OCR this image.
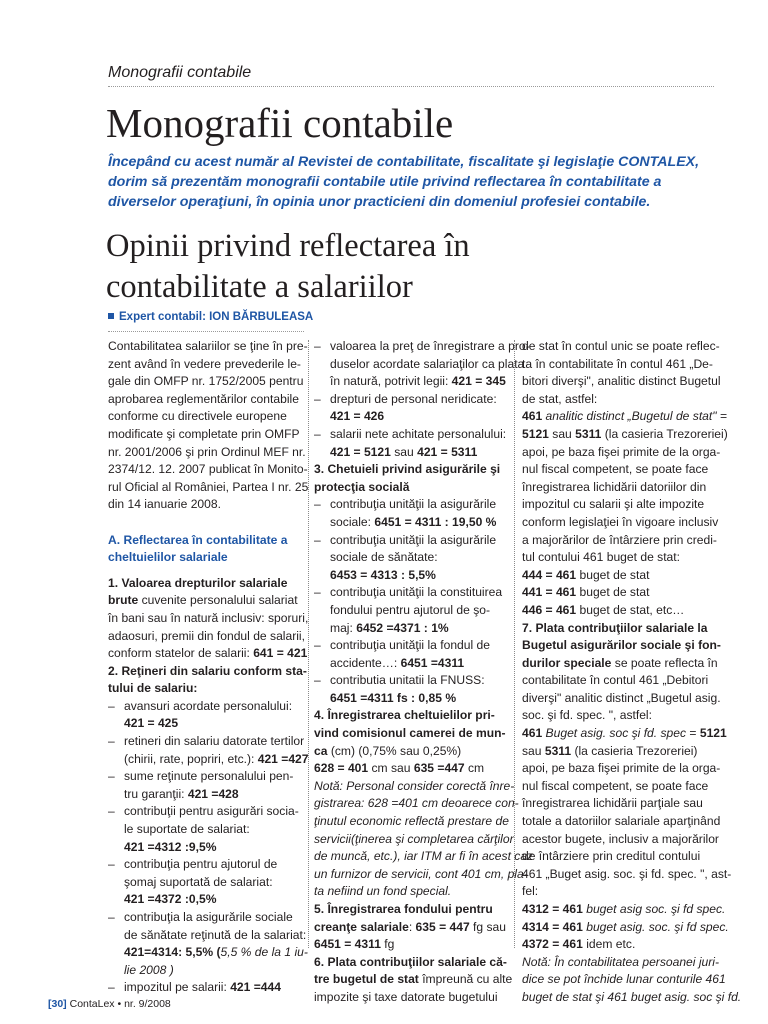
Monografii contabile
Monografii contabile

Începând cu acest număr al Revistei de contabilitate, fiscalitate şi legislaţie CONTALEX,

dorim să prezentăm monografii contabile utile privind reflectarea în contabilitate a

diverselor operaţiuni, în opinia unor practicieni din domeniul profesiei contabile.

Opinii privind reflectarea în
contabilitate a salariilor
Expert contabil: ION BĂRBULEASA
Contabilitatea salariilor se ţine în pre-
zent având în vedere prevederile le-
gale din OMFP nr. 1752/2005 pentru
aprobarea reglementărilor contabile
conforme cu directivele europene
modificate şi completate prin OMFP
nr. 2001/2006 şi prin Ordinul MEF nr.
2374/12. 12. 2007 publicat în Monito-
rul Oficial al României, Partea I nr. 25
din 14 ianuarie 2008.
A. Reflectarea în contabilitate a
cheltuielilor salariale
1. Valoarea drepturilor salariale
brute cuvenite personalului salariat
în bani sau în natură inclusiv: sporuri,
adaosuri, premii din fondul de salarii,
conform statelor de salarii: 641 = 421
2. Reţineri din salariu conform sta-
tului de salariu:
– avansuri acordate personalului:
421 = 425
– retineri din salariu datorate tertilor
(chirii, rate, popriri, etc.): 421 =427
– sume reţinute personalului pen-
tru garanţii: 421 =428
– contribuţii pentru asigurări socia-
le suportate de salariat:
421 =4312 :9,5%
– contribuţia pentru ajutorul de
şomaj suportată de salariat:
421 =4372 :0,5%
– contribuţia la asigurările sociale
de sănătate reţinută de la salariat:
421=4314: 5,5% (5,5 % de la 1 iu-
lie 2008 )
– impozitul pe salarii: 421 =444
– valoarea la preţ de înregistrare a pro-
duselor acordate salariaţilor ca plata
în natură, potrivit legii: 421 = 345
– drepturi de personal neridicate:
421 = 426
– salarii nete achitate personalului:
421 = 5121 sau 421 = 5311
3. Chetuieli privind asigurările şi
protecţia socială
– contribuţia unităţii la asigurările
sociale: 6451 = 4311 : 19,50 %
– contribuţia unităţii la asigurările
sociale de sănătate:
6453 = 4313 : 5,5%
– contribuţia unităţii la constituirea
fondului pentru ajutorul de şo-
maj: 6452 =4371 : 1%
– contribuţia unităţii la fondul de
accidente…: 6451 =4311
– contributia unitatii la FNUSS:
6451 =4311 fs : 0,85 %
4. Înregistrarea cheltuielilor pri-
vind comisionul camerei de mun-
ca (cm) (0,75% sau 0,25%)
628 = 401 cm sau 635 =447 cm
Notă: Personal consider corectă înre-
gistrarea: 628 =401 cm deoarece con-
ţinutul economic reflectă prestare de
servicii(ţinerea şi completarea cărţilor
de muncă, etc.), iar ITM ar fi în acest caz
un furnizor de servicii, cont 401 cm, pla-
ta nefiind un fond special.
5. Înregistrarea fondului pentru
creanţe salariale: 635 = 447 fg sau
6451 = 4311 fg
6. Plata contribuţiilor salariale că-
tre bugetul de stat împreună cu alte
impozite şi taxe datorate bugetului
de stat în contul unic se poate reflec-
ta în contabilitate în contul 461 „De-
bitori diverşi", analitic distinct Bugetul
de stat, astfel:
461 analitic distinct „Bugetul de stat" =
5121 sau 5311 (la casieria Trezoreriei)
apoi, pe baza fişei primite de la orga-
nul fiscal competent, se poate face
înregistrarea lichidării datoriilor din
impozitul cu salarii şi alte impozite
conform legislaţiei în vigoare inclusiv
a majorărilor de întârziere prin credi-
tul contului 461 buget de stat:
444 = 461 buget de stat
441 = 461 buget de stat
446 = 461 buget de stat, etc…
7. Plata contribuţiilor salariale la
Bugetul asigurărilor sociale şi fon-
durilor speciale se poate reflecta în
contabilitate în contul 461 „Debitori
diverşi" analitic distinct „Bugetul asig.
soc. şi fd. spec. ", astfel:
461 Buget asig. soc şi fd. spec = 5121
sau 5311 (la casieria Trezoreriei)
apoi, pe baza fişei primite de la orga-
nul fiscal competent, se poate face
înregistrarea lichidării parţiale sau
totale a datoriilor salariale aparţinând
acestor bugete, inclusiv a majorărilor
de întârziere prin creditul contului
461 „Buget asig. soc. şi fd. spec. ", ast-
fel:
4312 = 461 buget asig soc. şi fd spec.
4314 = 461 buget asig. soc. şi fd spec.
4372 = 461 idem etc.
Notă: În contabilitatea persoanei juri-
dice se pot închide lunar conturile 461
buget de stat şi 461 buget asig. soc şi fd.
[30] ContaLex • nr. 9/2008
